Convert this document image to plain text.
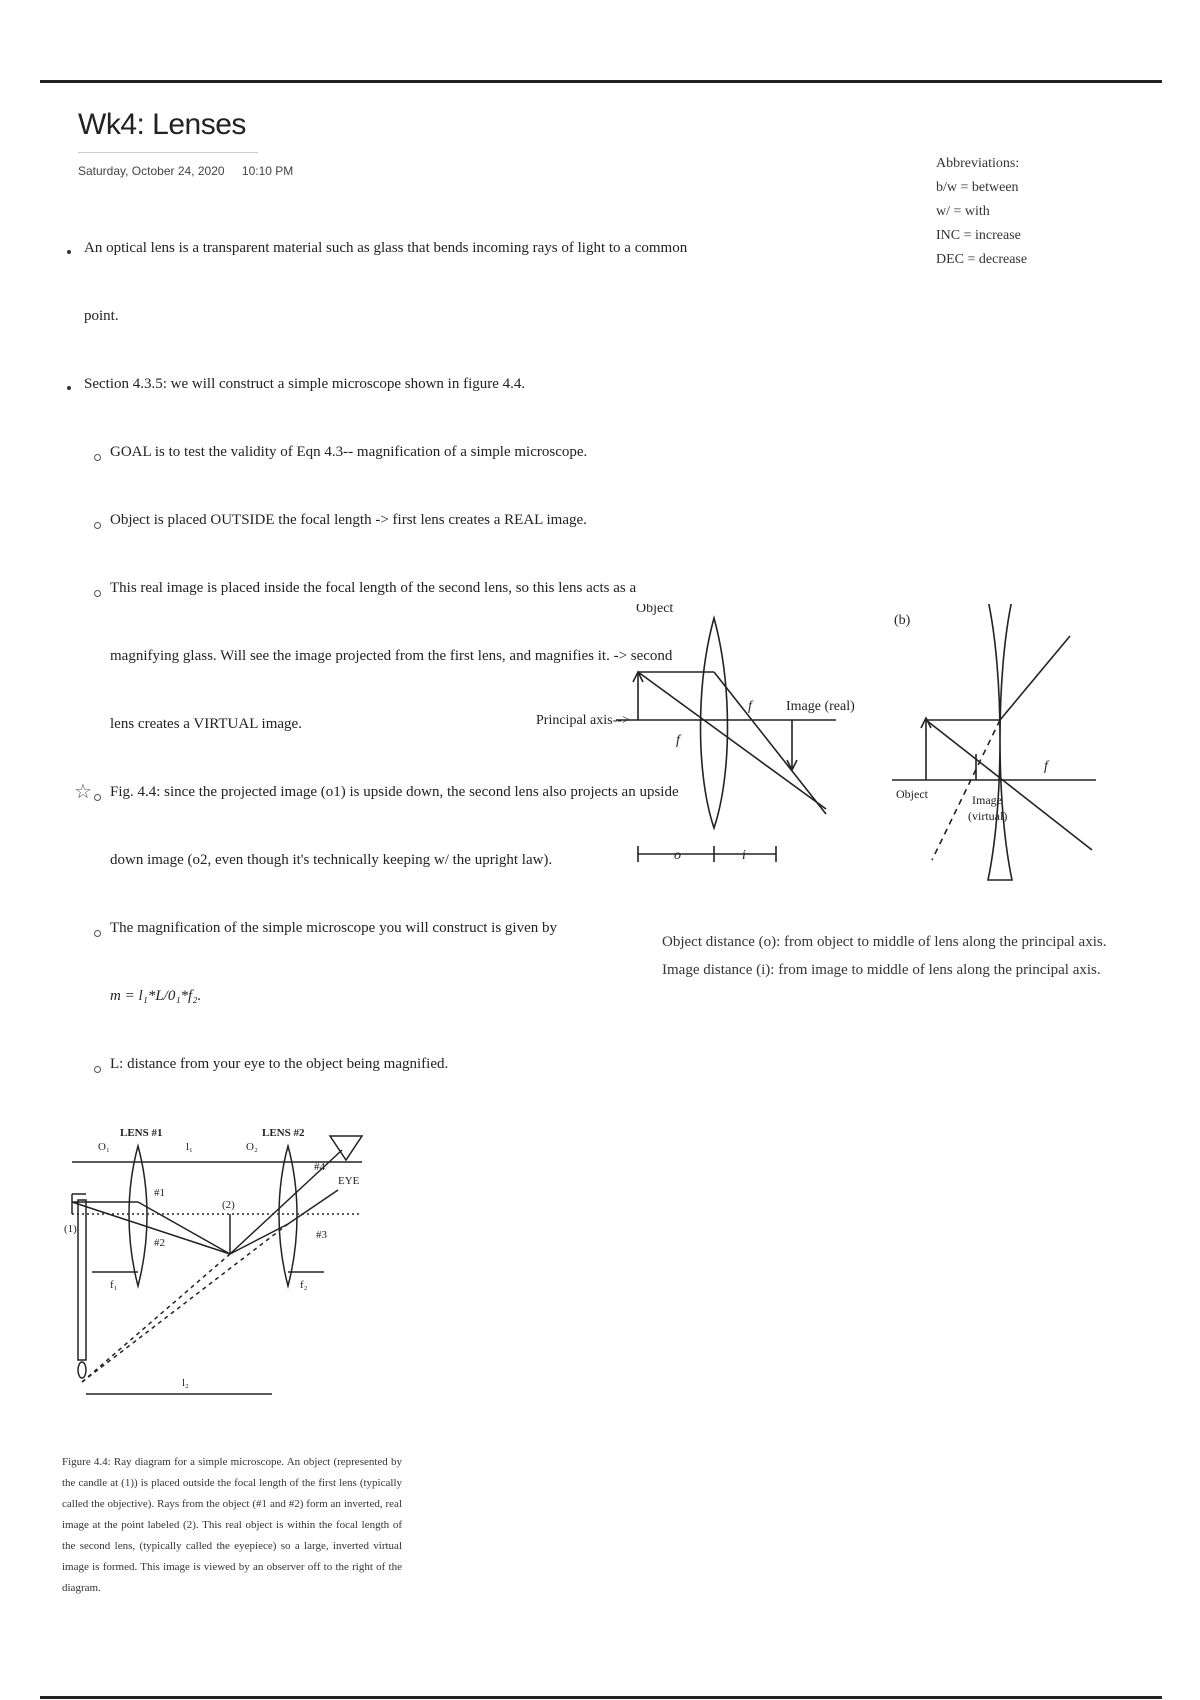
Wk4: Lenses
Saturday, October 24, 2020 10:10 PM	Abbreviations:
b/w = between
w/ = with
INC = increase
DEC = decrease
An optical lens is a transparent material such as glass that bends incoming rays of light to a common
point.
Section 4.3.5: we will construct a simple microscope shown in figure 4.4.
GOAL is to test the validity of Eqn 4.3-- magnification of a simple microscope.
Object is placed OUTSIDE the focal length -> first lens creates a REAL image.
This real image is placed inside the focal length of the second lens, so this lens acts as a
magnifying glass. Will see the image projected from the first lens, and magnifies it. -> second
lens creates a VIRTUAL image.
☆ Fig. 4.4: since the projected image (o1) is upside down, the second lens also projects an upside
down image (o2, even though it's technically keeping w/ the upright law).
The magnification of the simple microscope you will construct is given by
m = l₁*L/0₁*f₂.
L: distance from your eye to the object being magnified.
Object
Principal axis-->
Image (real)
f
f
o	i
(b)
Object	Image
(virtual)
f
Object distance (o): from object to middle of lens along the principal axis.
Image distance (i): from image to middle of lens along the principal axis.
O₁
LENS #1
l₁	O₂
LENS #2
#1
#2
#3
#4
(1)
(2)
f₁	f₂
l₂
EYE
Figure 4.4: Ray diagram for a simple microscope. An object (represented by the candle at (1)) is placed outside the focal length of the first lens (typically called the objective). Rays from the object (#1 and #2) form an inverted, real image at the point labeled (2). This real object is within the focal length of the second lens, (typically called the eyepiece) so a large, inverted virtual image is formed. This image is viewed by an observer off to the right of the diagram.
